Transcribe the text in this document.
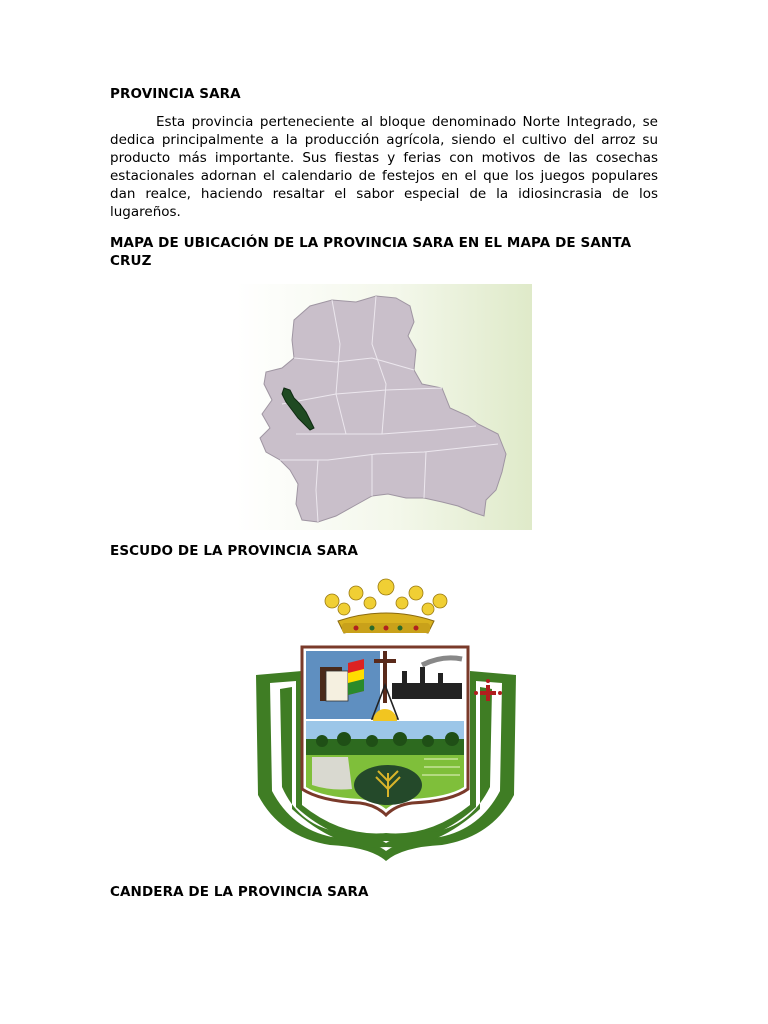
PROVINCIA SARA

Esta provincia perteneciente al bloque denominado Norte Integrado, se dedica principalmente a la producción agrícola, siendo el cultivo del arroz su producto más importante. Sus fiestas y ferias con motivos de las cosechas estacionales adornan el calendario de festejos en el que los juegos populares dan realce, haciendo resaltar el sabor especial de la idiosincrasia de los lugareños.

MAPA DE UBICACIÓN DE LA PROVINCIA SARA EN EL MAPA DE SANTA CRUZ
ESCUDO DE LA PROVINCIA SARA
CANDERA DE LA PROVINCIA SARA
